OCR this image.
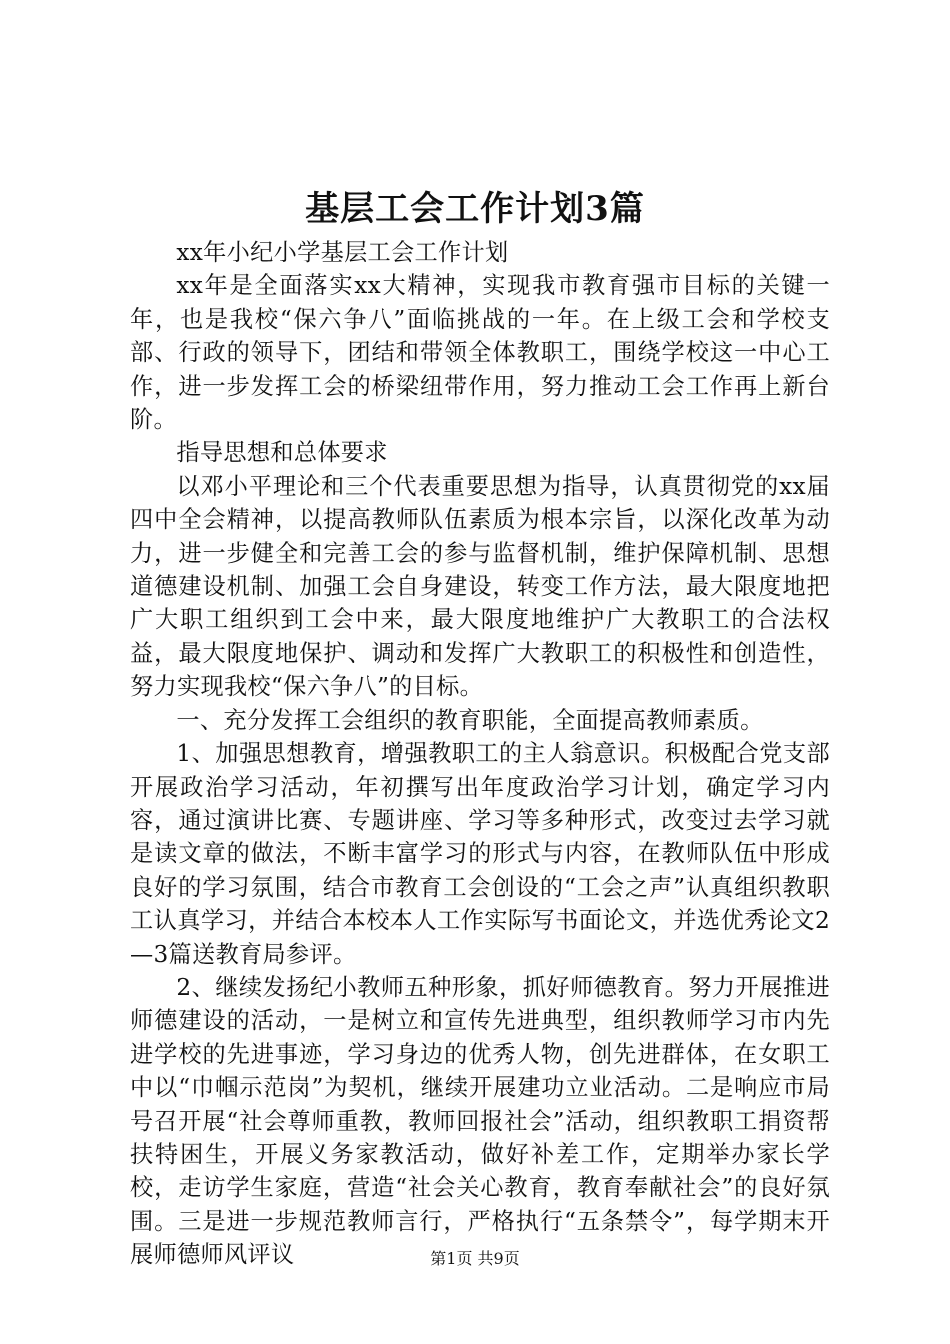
基层工会工作计划3篇

xx年小纪小学基层工会工作计划

xx年是全面落实xx大精神，实现我市教育强市目标的关键一年，也是我校“保六争八”面临挑战的一年。在上级工会和学校支部、行政的领导下，团结和带领全体教职工，围绕学校这一中心工作，进一步发挥工会的桥梁纽带作用，努力推动工会工作再上新台阶。

指导思想和总体要求

以邓小平理论和三个代表重要思想为指导，认真贯彻党的xx届四中全会精神，以提高教师队伍素质为根本宗旨，以深化改革为动力，进一步健全和完善工会的参与监督机制，维护保障机制、思想道德建设机制、加强工会自身建设，转变工作方法，最大限度地把广大职工组织到工会中来，最大限度地维护广大教职工的合法权益，最大限度地保护、调动和发挥广大教职工的积极性和创造性，努力实现我校“保六争八”的目标。

一、充分发挥工会组织的教育职能，全面提高教师素质。

1、加强思想教育，增强教职工的主人翁意识。积极配合党支部开展政治学习活动，年初撰写出年度政治学习计划，确定学习内容，通过演讲比赛、专题讲座、学习等多种形式，改变过去学习就是读文章的做法，不断丰富学习的形式与内容，在教师队伍中形成良好的学习氛围，结合市教育工会创设的“工会之声”认真组织教职工认真学习，并结合本校本人工作实际写书面论文，并选优秀论文2—3篇送教育局参评。

2、继续发扬纪小教师五种形象，抓好师德教育。努力开展推进师德建设的活动，一是树立和宣传先进典型，组织教师学习市内先进学校的先进事迹，学习身边的优秀人物，创先进群体，在女职工中以“巾帼示范岗”为契机，继续开展建功立业活动。二是响应市局号召开展“社会尊师重教，教师回报社会”活动，组织教职工捐资帮扶特困生，开展义务家教活动，做好补差工作，定期举办家长学校，走访学生家庭，营造“社会关心教育，教育奉献社会”的良好氛围。三是进一步规范教师言行，严格执行“五条禁令”，每学期末开展师德师风评议	第1页 共9页
